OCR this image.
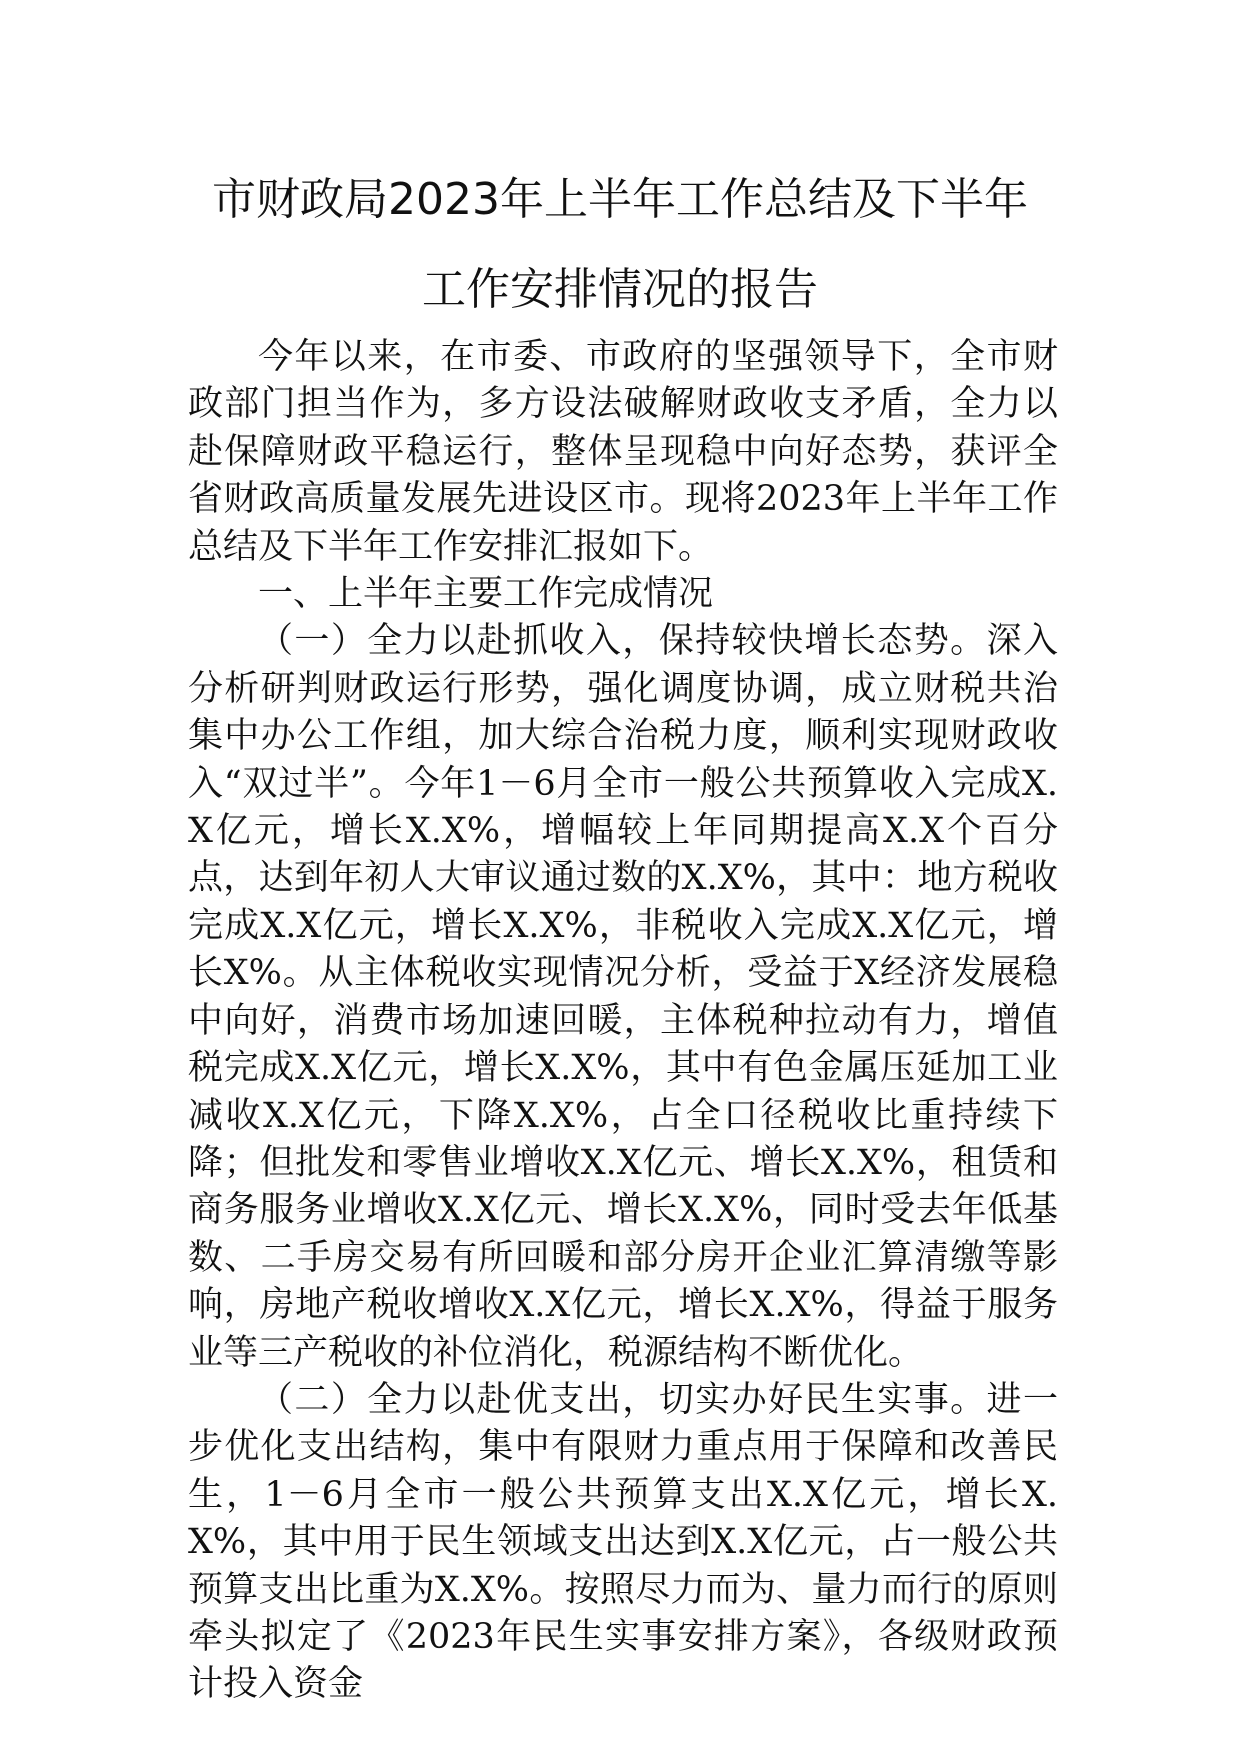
市财政局2023年上半年工作总结及下半年
工作安排情况的报告

今年以来，在市委、市政府的坚强领导下，全市财政部门担当作为，多方设法破解财政收支矛盾，全力以赴保障财政平稳运行，整体呈现稳中向好态势，获评全省财政高质量发展先进设区市。现将2023年上半年工作总结及下半年工作安排汇报如下。

一、上半年主要工作完成情况

（一）全力以赴抓收入，保持较快增长态势。深入分析研判财政运行形势，强化调度协调，成立财税共治集中办公工作组，加大综合治税力度，顺利实现财政收入“双过半”。今年1－6月全市一般公共预算收入完成X.X亿元，增长X.X%，增幅较上年同期提高X.X个百分点，达到年初人大审议通过数的X.X%，其中：地方税收完成X.X亿元，增长X.X%，非税收入完成X.X亿元，增长X%。从主体税收实现情况分析，受益于X经济发展稳中向好，消费市场加速回暖，主体税种拉动有力，增值税完成X.X亿元，增长X.X%，其中有色金属压延加工业减收X.X亿元，下降X.X%，占全口径税收比重持续下降；但批发和零售业增收X.X亿元、增长X.X%，租赁和商务服务业增收X.X亿元、增长X.X%，同时受去年低基数、二手房交易有所回暖和部分房开企业汇算清缴等影响，房地产税收增收X.X亿元，增长X.X%，得益于服务业等三产税收的补位消化，税源结构不断优化。

（二）全力以赴优支出，切实办好民生实事。进一步优化支出结构，集中有限财力重点用于保障和改善民生，1－6月全市一般公共预算支出X.X亿元，增长X.X%，其中用于民生领域支出达到X.X亿元，占一般公共预算支出比重为X.X%。按照尽力而为、量力而行的原则牵头拟定了《2023年民生实事安排方案》，各级财政预计投入资金
